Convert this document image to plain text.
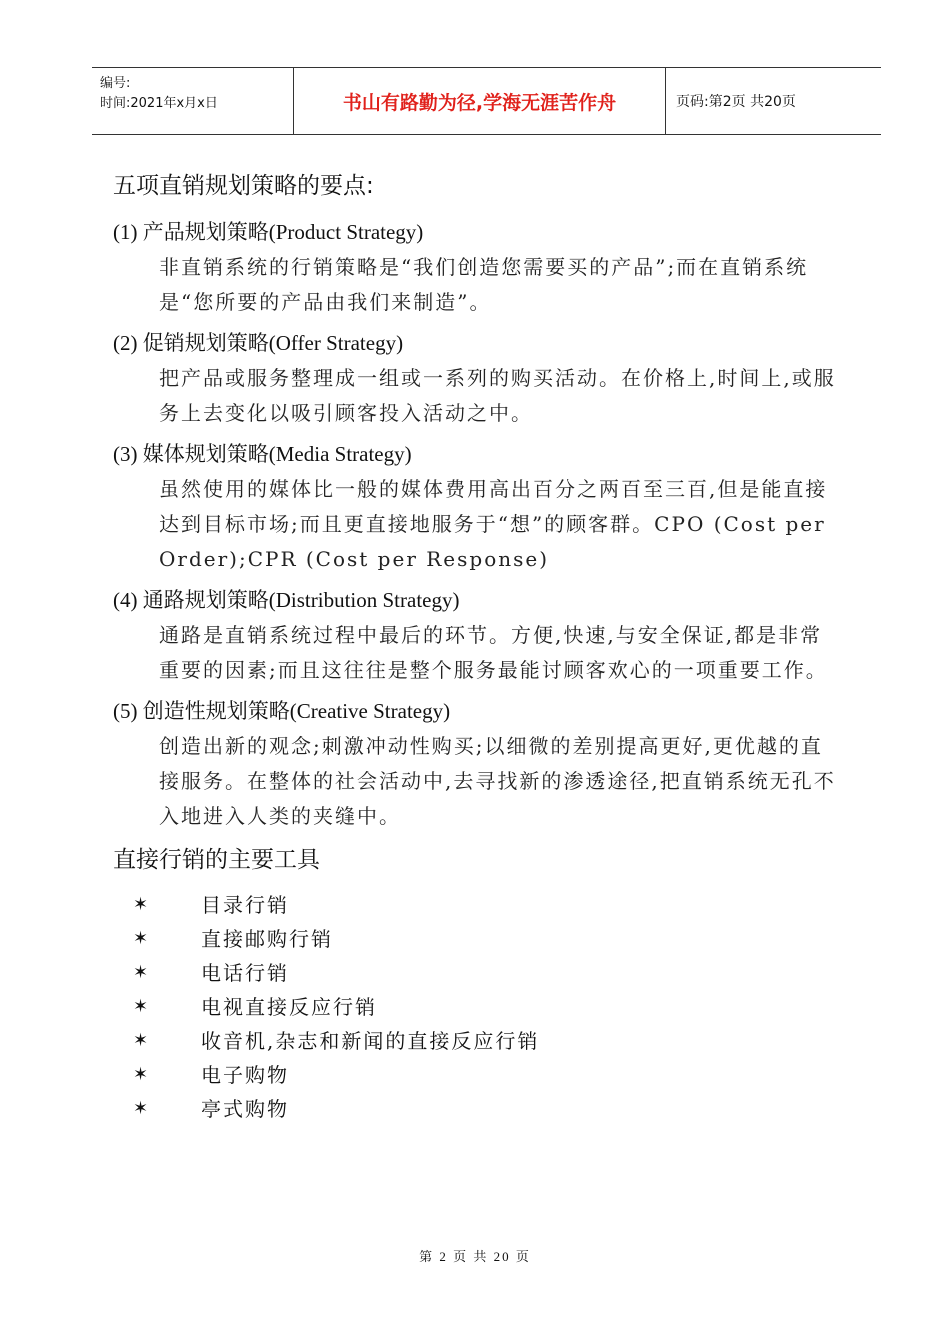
编号:
时间:2021年x月x日	书山有路勤为径,学海无涯苦作舟	页码:第2页 共20页
五项直销规划策略的要点:
(1) 产品规划策略(Product Strategy)
非直销系统的行销策略是“我们创造您需要买的产品”;而在直销系统是“您所要的产品由我们来制造”。
(2) 促销规划策略(Offer Strategy)
把产品或服务整理成一组或一系列的购买活动。在价格上,时间上,或服务上去变化以吸引顾客投入活动之中。
(3) 媒体规划策略(Media Strategy)
虽然使用的媒体比一般的媒体费用高出百分之两百至三百,但是能直接达到目标市场;而且更直接地服务于“想”的顾客群。CPO (Cost per Order);CPR (Cost per Response)
(4) 通路规划策略(Distribution Strategy)
通路是直销系统过程中最后的环节。方便,快速,与安全保证,都是非常重要的因素;而且这往往是整个服务最能讨顾客欢心的一项重要工作。
(5) 创造性规划策略(Creative Strategy)
创造出新的观念;刺激冲动性购买;以细微的差别提高更好,更优越的直接服务。在整体的社会活动中,去寻找新的渗透途径,把直销系统无孔不入地进入人类的夹缝中。
直接行销的主要工具
✶	目录行销
✶	直接邮购行销
✶	电话行销
✶	电视直接反应行销
✶	收音机,杂志和新闻的直接反应行销
✶	电子购物
✶	亭式购物
第 2 页 共 20 页
